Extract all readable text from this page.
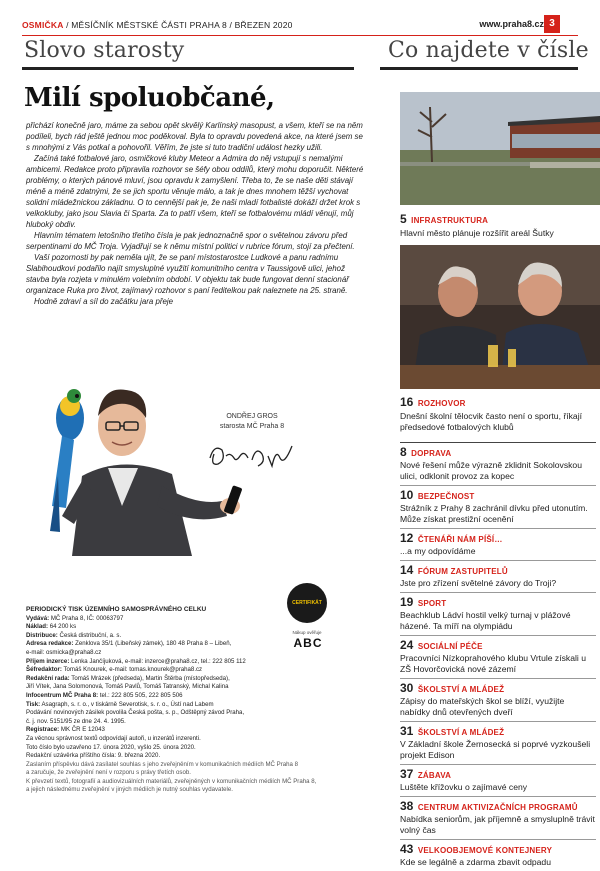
OSMIČKA / MĚSÍČNÍK MĚSTSKÉ ČÁSTI PRAHA 8 / BŘEZEN 2020	www.praha8.cz 3
Slovo starosty	Co najdete v čísle
Milí spoluobčané,

přichází konečně jaro, máme za sebou opět skvělý Karlínský masopust, a všem, kteří se na něm podíleli, bych rád ještě jednou moc poděkoval. Byla to opravdu povedená akce, na které jsem se s mnohými z Vás potkal a pohovořil. Věřím, že jste si tuto tradiční událost hezky užili.

Začíná také fotbalové jaro, osmičkové kluby Meteor a Admira do něj vstupují s nemalými ambicemi. Redakce proto připravila rozhovor se šéfy obou oddílů, který mohu doporučit. Některé problémy, o kterých pánové mluví, jsou opravdu k zamyšlení. Třeba to, že se naše děti stávají méně a méně zdatnými, že se jich sportu věnuje málo, a tak je dnes mnohem těžší vychovat solidní mládežnickou základnu. O to cennější pak je, že naši mladí fotbalisté dokáží držet krok s velkokluby, jako jsou Slavia či Sparta. Za to patří všem, kteří se fotbalovému mládí věnují, můj hluboký obdiv.

Hlavním tématem letošního třetího čísla je pak jednoznačně spor o světelnou závoru před serpentinami do MČ Troja. Vyjadřují se k němu místní politici v rubrice fórum, stojí za přečtení.

Vaší pozornosti by pak neměla ujít, že se paní místostarostce Ludkové a panu radnímu Slabihoudkovi podařilo najít smysluplné využití komunitního centra v Taussigově ulici, jehož stavba byla rozjeta v minulém volebním období. V objektu tak bude fungovat denní stacionář organizace Ruka pro život, zajímavý rozhovor s paní ředitelkou pak naleznete na 25. straně.

Hodně zdraví a síl do začátku jara přeje

ONDŘEJ GROS
starosta MČ Praha 8
CERTIFIKÁT
Nákup ověřuje
ABC
PERIODICKÝ TISK ÚZEMNÍHO SAMOSPRÁVNÉHO CELKU
Vydává: MČ Praha 8, IČ: 00063797
Náklad: 64 200 ks
Distribuce: Česká distribuční, a. s.
Adresa redakce: Zenklova 35/1 (Libeňský zámek), 180 48 Praha 8 – Libeň,
e-mail: osmicka@praha8.cz
Příjem inzerce: Lenka Jančíjuková, e-mail: inzerce@praha8.cz, tel.: 222 805 112
Šéfredaktor: Tomáš Knourek, e-mail: tomas.knourek@praha8.cz
Redakční rada: Tomáš Mrázek (předseda), Martin Štěrba (místopředseda),
Jiří Vítek, Jana Solomonová, Tomáš Pavlů, Tomáš Tatranský, Michal Kalina
Infocentrum MČ Praha 8: tel.: 222 805 505, 222 805 506
Tisk: Asagraph, s. r. o., v tiskárně Severotisk, s. r. o., Ústí nad Labem
Podávání novinových zásilek povolila Česká pošta, s. p., Odštěpný závod Praha,
č. j. nov. 5151/95 ze dne 24. 4. 1995.
Registrace: MK ČR E 12043
Za věcnou správnost textů odpovídají autoři, u inzerátů inzerenti.
Toto číslo bylo uzavřeno 17. února 2020, vyšlo 25. února 2020.
Redakční uzávěrka příštího čísla: 9. března 2020.
Zaslaním příspěvku dává zasílatel souhlas s jeho zveřejněním v komunikačních médiích MČ Praha 8
a zaručuje, že zveřejnění není v rozporu s právy třetích osob.
K převzetí textů, fotografií a audiovizuálních materiálů, zveřejněných v komunikačních médiích MČ Praha 8,
a jejich následnému zveřejnění v jiných médiích je nutný souhlas vydavatele.
5 INFRASTRUKTURA
Hlavní město plánuje rozšířit areál Šutky
16 ROZHOVOR
Dnešní školní tělocvik často není o sportu, říkají předsedové fotbalových klubů
8 DOPRAVA
Nové řešení může výrazně zklidnit Sokolovskou ulici, odklonit provoz za kopec
10 BEZPEČNOST
Strážník z Prahy 8 zachránil dívku před utonutím. Může získat prestižní ocenění
12 ČTENÁŘI NÁM PÍŠÍ…
...a my odpovídáme
14 FÓRUM ZASTUPITELŮ
Jste pro zřízení světelné závory do Troji?
19 SPORT
Beachklub Ládví hostil velký turnaj v plážové házené. Ta míří na olympiádu
24 SOCIÁLNÍ PÉČE
Pracovníci Nízkoprahového klubu Vrtule získali u ZŠ Hovorčovická nové zázemí
30 ŠKOLSTVÍ A MLÁDEŽ
Zápisy do mateřských škol se blíží, využijte nabídky dnů otevřených dveří
31 ŠKOLSTVÍ A MLÁDEŽ
V Základní škole Žernosecká si poprvé vyzkoušeli projekt Edison
37 ZÁBAVA
Luštěte křížovku o zajímavé ceny
38 CENTRUM AKTIVIZAČNÍCH PROGRAMŮ
Nabídka seniorům, jak příjemně a smysluplně trávit volný čas
43 VELKOOBJEMOVÉ KONTEJNERY
Kde se legálně a zdarma zbavit odpadu
